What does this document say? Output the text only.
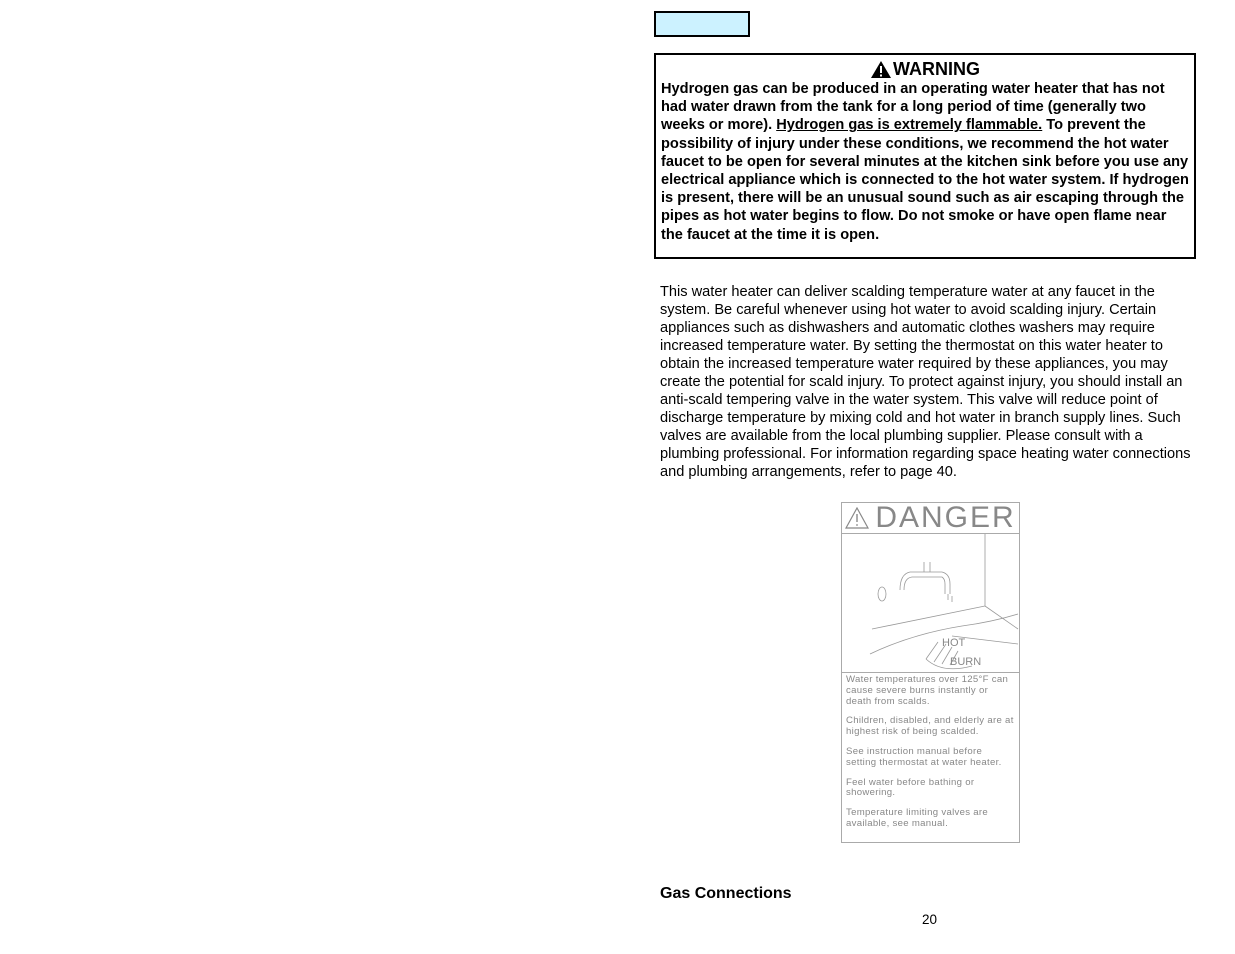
WARNING
Hydrogen gas can be produced in an operating water heater that has not had water drawn from the tank for a long period of time (generally two weeks or more). Hydrogen gas is extremely flammable. To prevent the possibility of injury under these conditions, we recommend the hot water faucet to be open for several minutes at the kitchen sink before you use any electrical appliance which is connected to the hot water system. If hydrogen is present, there will be an unusual sound such as air escaping through the pipes as hot water begins to flow. Do not smoke or have open flame near the faucet at the time it is open.
This water heater can deliver scalding temperature water at any faucet in the system. Be careful whenever using hot water to avoid scalding injury. Certain appliances such as dishwashers and automatic clothes washers may require increased temperature water. By setting the thermostat on this water heater to obtain the increased temperature water required by these appliances, you may create the potential for scald injury. To protect against injury, you should install an anti-scald tempering valve in the water system. This valve will reduce point of discharge temperature by mixing cold and hot water in branch supply lines. Such valves are available from the local plumbing supplier. Please consult with a plumbing professional. For information regarding space heating water connections and plumbing arrangements, refer to page 40.
DANGER
HOT
BURN

Water temperatures over 125°F can cause severe burns instantly or death from scalds.

Children, disabled, and elderly are at highest risk of being scalded.

See instruction manual before setting thermostat at water heater.

Feel water before bathing or showering.

Temperature limiting valves are available, see manual.

Gas Connections
20
